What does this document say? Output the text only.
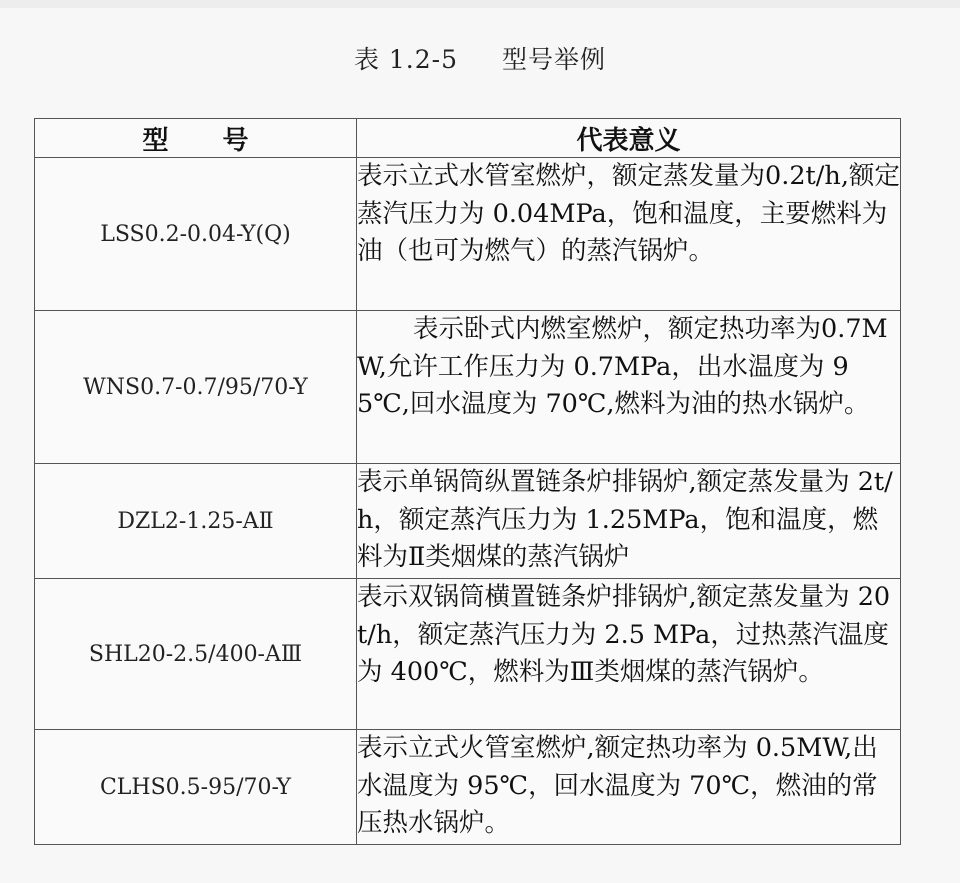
表 1.2-5 型号举例
型号	代表意义
LSS0.2-0.04-Y(Q)	表示立式水管室燃炉，额定蒸发量为0.2t/h,额定蒸汽压力为 0.04MPa，饱和温度，主要燃料为油（也可为燃气）的蒸汽锅炉。
WNS0.7-0.7/95/70-Y	表示卧式内燃室燃炉，额定热功率为0.7MW,允许工作压力为 0.7MPa，出水温度为 95℃,回水温度为 70℃,燃料为油的热水锅炉。

DZL2-1.25-AⅡ	表示单锅筒纵置链条炉排锅炉,额定蒸发量为 2t/h，额定蒸汽压力为 1.25MPa，饱和温度，燃料为Ⅱ类烟煤的蒸汽锅炉
SHL20-2.5/400-AⅢ	表示双锅筒横置链条炉排锅炉,额定蒸发量为 20t/h，额定蒸汽压力为 2.5 MPa，过热蒸汽温度为 400℃，燃料为Ⅲ类烟煤的蒸汽锅炉。
CLHS0.5-95/70-Y	表示立式火管室燃炉,额定热功率为 0.5MW,出水温度为 95℃，回水温度为 70℃，燃油的常压热水锅炉。
